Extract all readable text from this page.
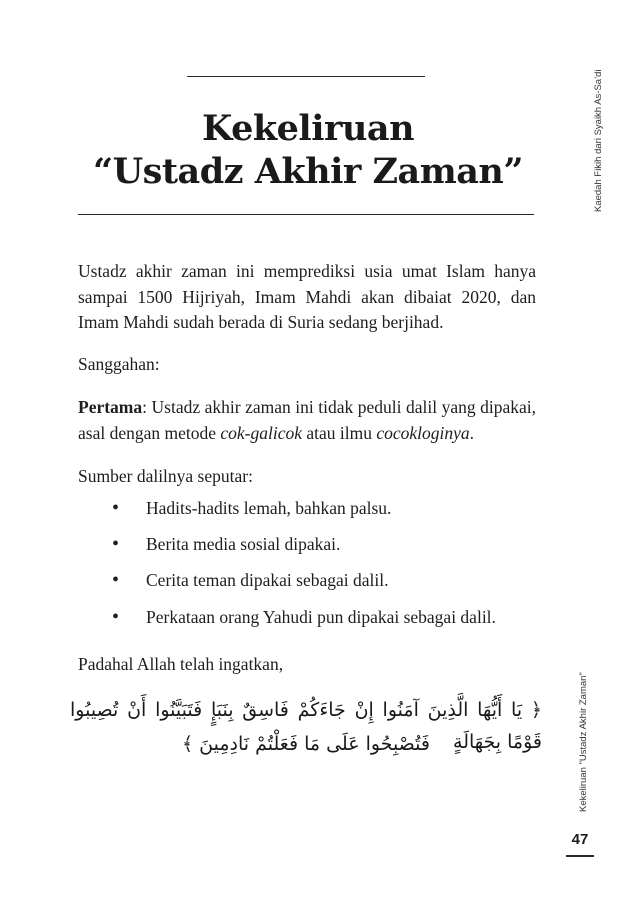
Kekeliruan
“Ustadz Akhir Zaman”
Ustadz akhir zaman ini memprediksi usia umat Islam hanya sampai 1500 Hijriyah, Imam Mahdi akan dibaiat 2020, dan Imam Mahdi sudah berada di Suria sedang berjihad.
Sanggahan:
Pertama: Ustadz akhir zaman ini tidak peduli dalil yang dipakai, asal dengan metode cok-galicok atau ilmu cocokloginya.
Sumber dalilnya seputar:
• Hadits-hadits lemah, bahkan palsu.
• Berita media sosial dipakai.
• Cerita teman dipakai sebagai dalil.
• Perkataan orang Yahudi pun dipakai sebagai dalil.
Padahal Allah telah ingatkan,
﴿ يَا أَيُّهَا الَّذِينَ آمَنُوا إِنْ جَاءَكُمْ فَاسِقٌ بِنَبَإٍ فَتَبَيَّنُوا أَنْ تُصِيبُوا قَوْمًا بِجَهَالَةٍ
فَتُصْبِحُوا عَلَى مَا فَعَلْتُمْ نَادِمِينَ ﴾
Kaedah Fikih dari Syaikh As-Sa’di
Kekeliruan "Ustadz Akhir Zaman"
47
